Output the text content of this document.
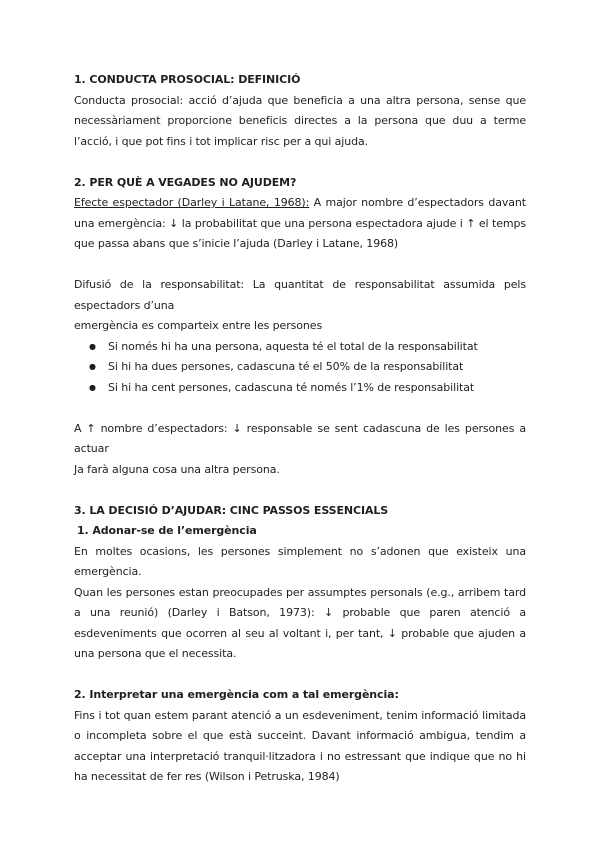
1. CONDUCTA PROSOCIAL: DEFINICIÓ

Conducta prosocial: acció d’ajuda que beneficia a una altra persona, sense que necessàriament proporcione beneficis directes a la persona que duu a terme l’acció, i que pot fins i tot implicar risc per a qui ajuda.

2. PER QUÈ A VEGADES NO AJUDEM?

Efecte espectador (Darley i Latane, 1968): A major nombre d’espectadors davant una emergència: ↓ la probabilitat que una persona espectadora ajude i ↑ el temps que passa abans que s’inicie l’ajuda (Darley i Latane, 1968)

Difusió de la responsabilitat: La quantitat de responsabilitat assumida pels espectadors d’una

emergència es comparteix entre les persones

● Si només hi ha una persona, aquesta té el total de la responsabilitat
● Si hi ha dues persones, cadascuna té el 50% de la responsabilitat
● Si hi ha cent persones, cadascuna té només l’1% de responsabilitat

A ↑ nombre d’espectadors: ↓ responsable se sent cadascuna de les persones a actuar

Ja farà alguna cosa una altra persona.

3. LA DECISIÓ D’AJUDAR: CINC PASSOS ESSENCIALS

1. Adonar-se de l’emergència

En moltes ocasions, les persones simplement no s’adonen que existeix una emergència.

Quan les persones estan preocupades per assumptes personals (e.g., arribem tard a una reunió) (Darley i Batson, 1973): ↓ probable que paren atenció a esdeveniments que ocorren al seu al voltant i, per tant, ↓ probable que ajuden a una persona que el necessita.

2. Interpretar una emergència com a tal emergència:

Fins i tot quan estem parant atenció a un esdeveniment, tenim informació limitada o incompleta sobre el que està succeint. Davant informació ambigua, tendim a acceptar una interpretació tranquil·litzadora i no estressant que indique que no hi ha necessitat de fer res (Wilson i Petruska, 1984)
